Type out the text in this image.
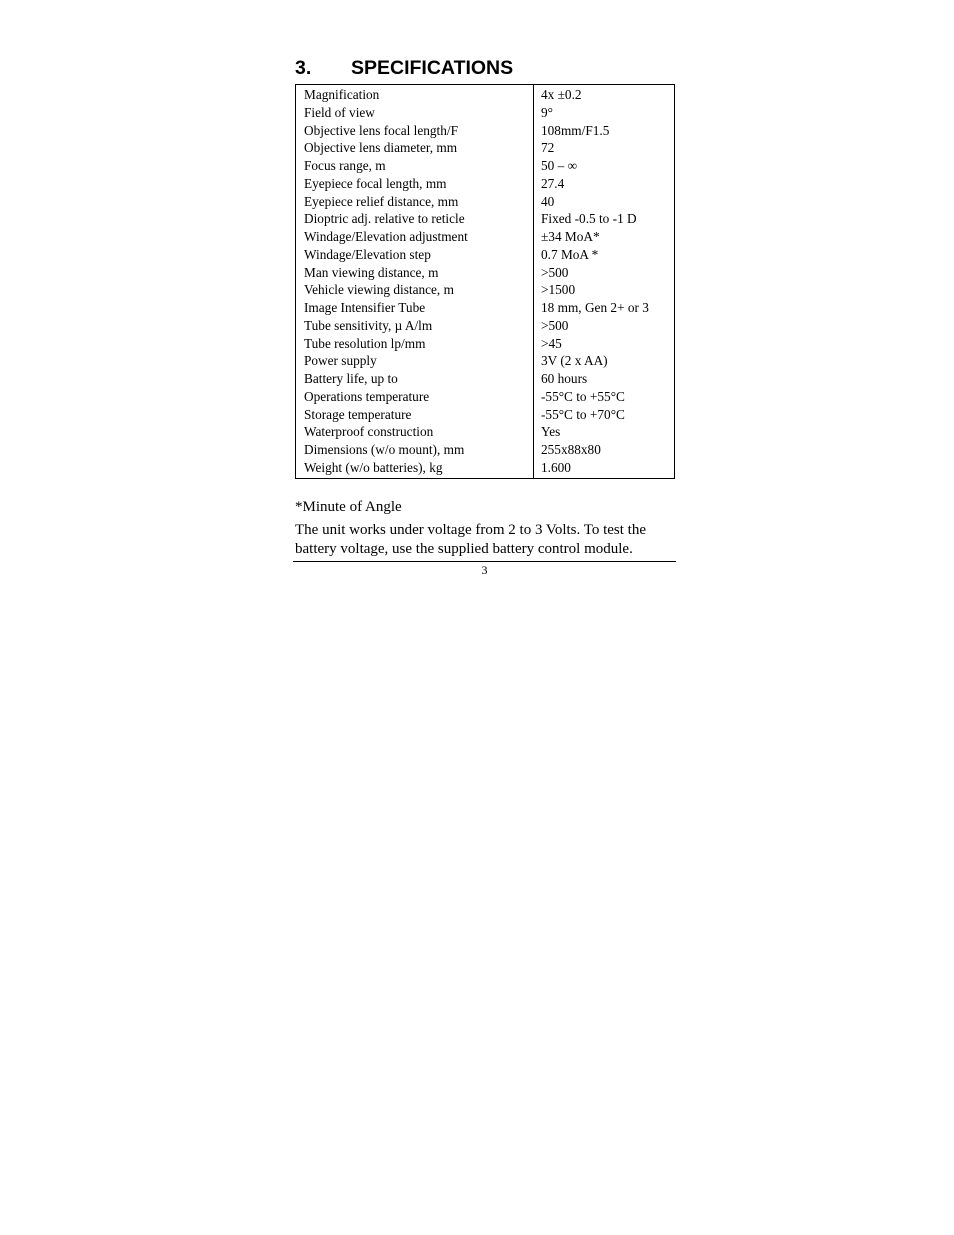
3. SPECIFICATIONS
Magnification	4x ±0.2
Field of view	9°
Objective lens focal length/F	108mm/F1.5
Objective lens diameter, mm	72
Focus range, m	50 – ∞
Eyepiece focal length, mm	27.4
Eyepiece relief distance, mm	40
Dioptric adj. relative to reticle	Fixed -0.5 to -1 D
Windage/Elevation adjustment	±34 MoA*
Windage/Elevation step	0.7 MoA *
Man viewing distance, m	>500
Vehicle viewing distance, m	>1500
Image Intensifier Tube	18 mm, Gen 2+ or 3
Tube sensitivity, µ A/lm	>500
Tube resolution lp/mm	>45
Power supply	3V (2 x AA)
Battery life, up to	60 hours
Operations temperature	-55°C to +55°C
Storage temperature	-55°C to +70°C
Waterproof construction	Yes
Dimensions (w/o mount), mm	255x88x80
Weight (w/o batteries), kg	1.600

*Minute of Angle

The unit works under voltage from 2 to 3 Volts. To test the battery voltage, use the supplied battery control module.

3
